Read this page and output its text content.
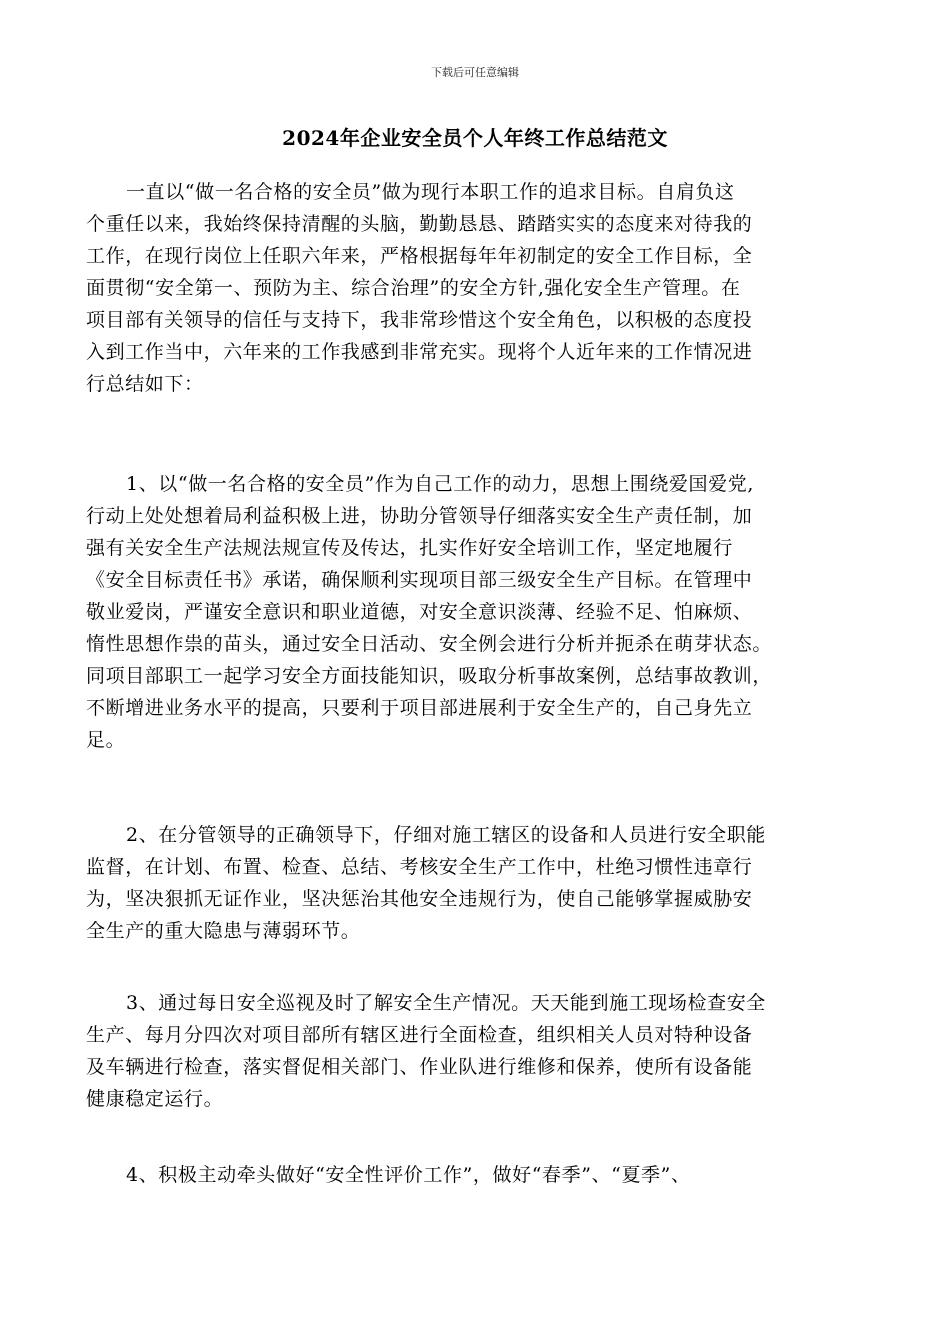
下载后可任意编辑
2024年企业安全员个人年终工作总结范文

一直以“做一名合格的安全员”做为现行本职工作的追求目标。自肩负这
个重任以来，我始终保持清醒的头脑，勤勤恳恳、踏踏实实的态度来对待我的
工作，在现行岗位上任职六年来，严格根据每年年初制定的安全工作目标，全
面贯彻“安全第一、预防为主、综合治理”的安全方针,强化安全生产管理。在
项目部有关领导的信任与支持下，我非常珍惜这个安全角色，以积极的态度投
入到工作当中，六年来的工作我感到非常充实。现将个人近年来的工作情况进
行总结如下：

1、以“做一名合格的安全员”作为自己工作的动力，思想上围绕爱国爱党,
行动上处处想着局利益积极上进，协助分管领导仔细落实安全生产责任制，加
强有关安全生产法规法规宣传及传达，扎实作好安全培训工作，坚定地履行
《安全目标责任书》承诺，确保顺利实现项目部三级安全生产目标。在管理中
敬业爱岗，严谨安全意识和职业道德，对安全意识淡薄、经验不足、怕麻烦、
惰性思想作祟的苗头，通过安全日活动、安全例会进行分析并扼杀在萌芽状态。
同项目部职工一起学习安全方面技能知识，吸取分析事故案例，总结事故教训，
不断增进业务水平的提高，只要利于项目部进展利于安全生产的，自己身先立
足。

2、在分管领导的正确领导下，仔细对施工辖区的设备和人员进行安全职能
监督，在计划、布置、检查、总结、考核安全生产工作中，杜绝习惯性违章行
为，坚决狠抓无证作业，坚决惩治其他安全违规行为，使自己能够掌握威胁安
全生产的重大隐患与薄弱环节。

3、通过每日安全巡视及时了解安全生产情况。天天能到施工现场检查安全
生产、每月分四次对项目部所有辖区进行全面检查，组织相关人员对特种设备
及车辆进行检查，落实督促相关部门、作业队进行维修和保养，使所有设备能
健康稳定运行。

4、积极主动牵头做好“安全性评价工作”，做好“春季”、“夏季”、
